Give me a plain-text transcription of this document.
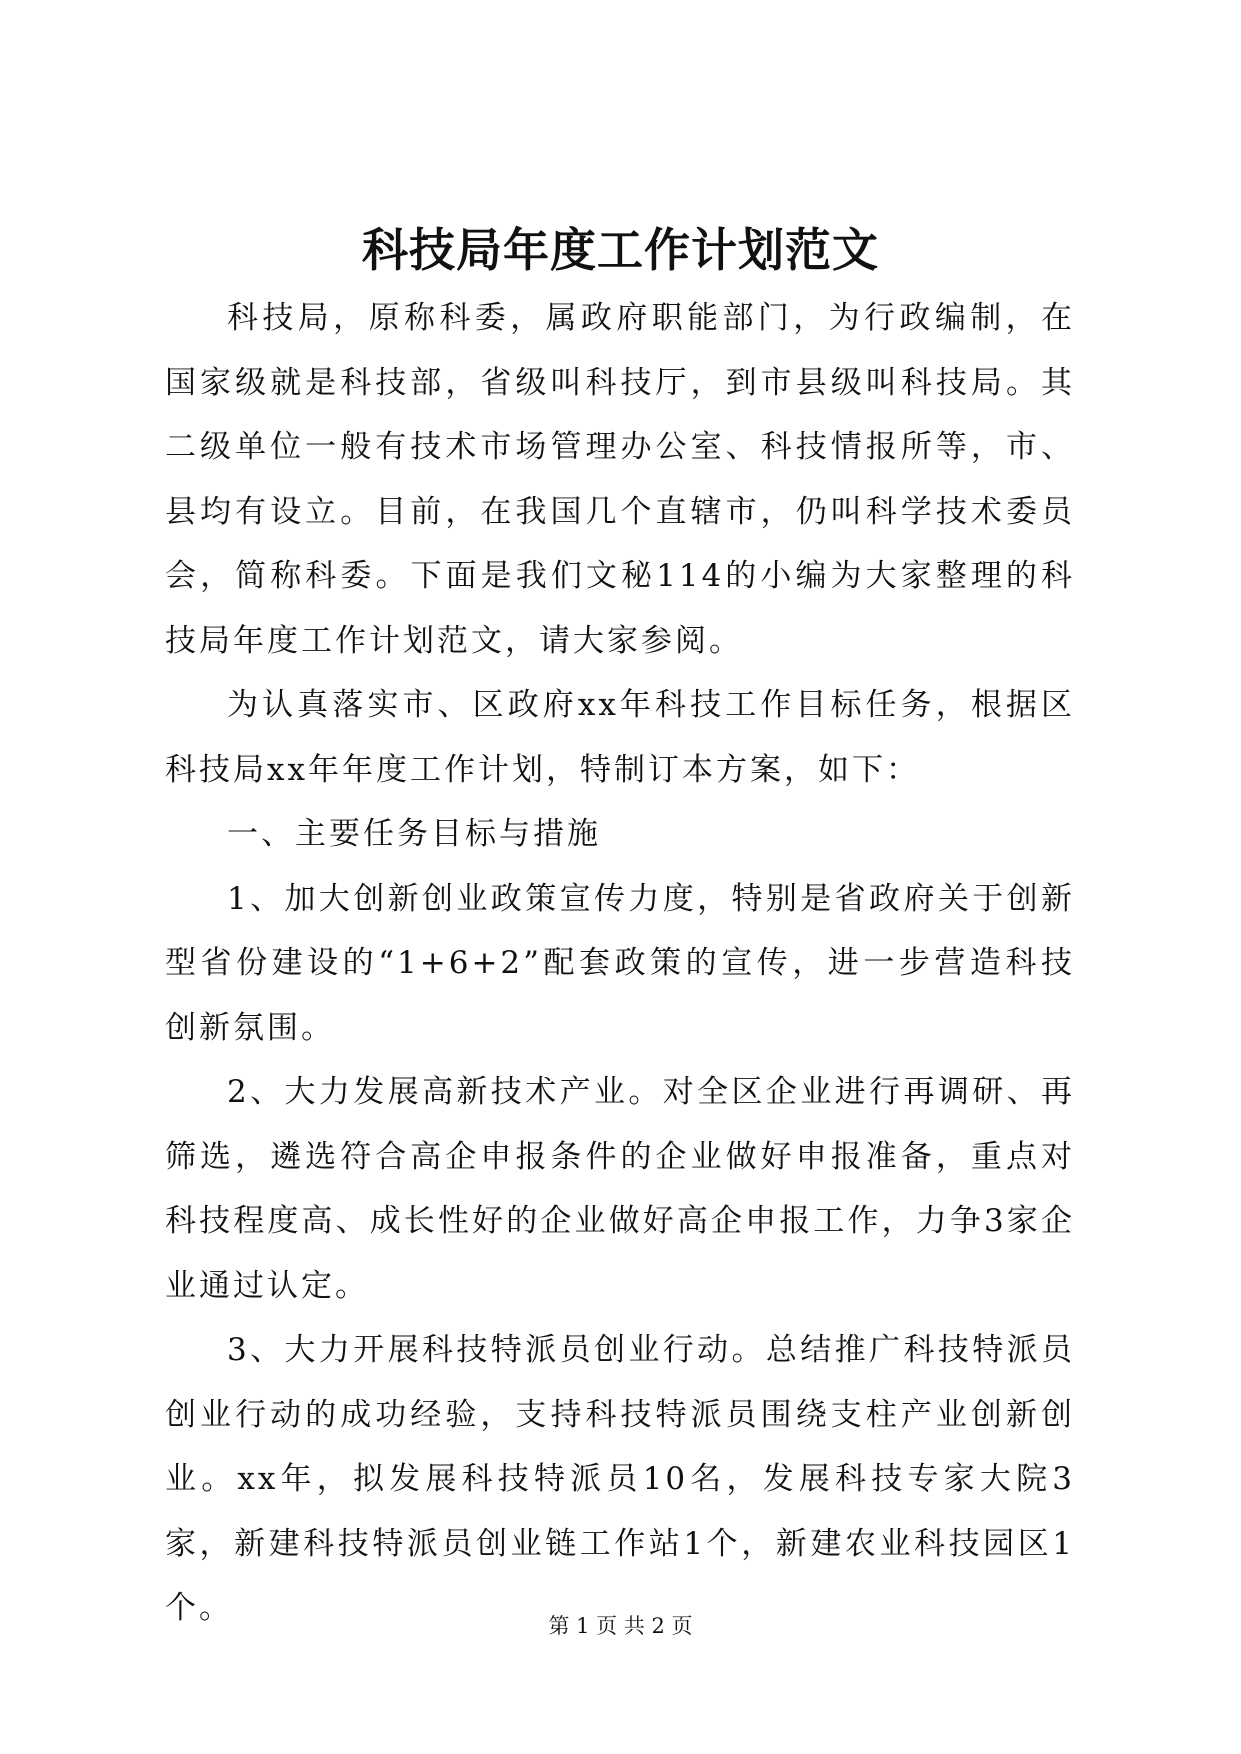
科技局年度工作计划范文

科技局，原称科委，属政府职能部门，为行政编制，在国家级就是科技部，省级叫科技厅，到市县级叫科技局。其二级单位一般有技术市场管理办公室、科技情报所等，市、县均有设立。目前，在我国几个直辖市，仍叫科学技术委员会，简称科委。下面是我们文秘114的小编为大家整理的科技局年度工作计划范文，请大家参阅。

为认真落实市、区政府xx年科技工作目标任务，根据区科技局xx年年度工作计划，特制订本方案，如下：

一、主要任务目标与措施

1、加大创新创业政策宣传力度，特别是省政府关于创新型省份建设的“1+6+2”配套政策的宣传，进一步营造科技创新氛围。

2、大力发展高新技术产业。对全区企业进行再调研、再筛选，遴选符合高企申报条件的企业做好申报准备，重点对科技程度高、成长性好的企业做好高企申报工作，力争3家企业通过认定。

3、大力开展科技特派员创业行动。总结推广科技特派员创业行动的成功经验，支持科技特派员围绕支柱产业创新创业。xx年，拟发展科技特派员10名，发展科技专家大院3家，新建科技特派员创业链工作站1个，新建农业科技园区1个。	第 1 页 共 2 页
